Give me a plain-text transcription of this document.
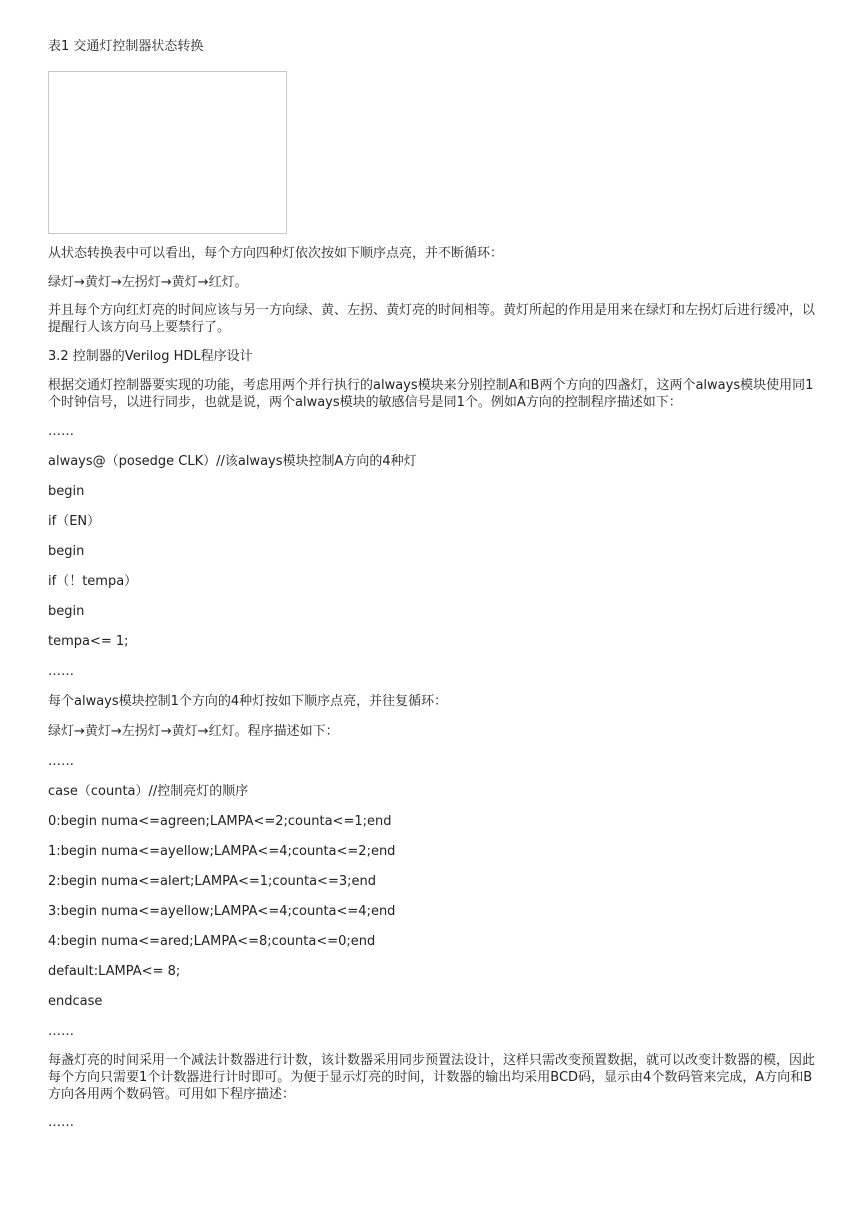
表1 交通灯控制器状态转换

从状态转换表中可以看出，每个方向四种灯依次按如下顺序点亮，并不断循环：

绿灯→黄灯→左拐灯→黄灯→红灯。

并且每个方向红灯亮的时间应该与另一方向绿、黄、左拐、黄灯亮的时间相等。黄灯所起的作用是用来在绿灯和左拐灯后进行缓冲，以提醒行人该方向马上要禁行了。

3.2 控制器的Verilog HDL程序设计

根据交通灯控制器要实现的功能，考虑用两个并行执行的always模块来分别控制A和B两个方向的四盏灯，这两个always模块使用同1个时钟信号，以进行同步，也就是说，两个always模块的敏感信号是同1个。例如A方向的控制程序描述如下：

……

always@（posedge CLK）//该always模块控制A方向的4种灯

begin

if（EN）

begin

if（！tempa）

begin

tempa<= 1;

……

每个always模块控制1个方向的4种灯按如下顺序点亮，并往复循环：

绿灯→黄灯→左拐灯→黄灯→红灯。程序描述如下：

……

case（counta）//控制亮灯的顺序

0:begin numa<=agreen;LAMPA<=2;counta<=1;end

1:begin numa<=ayellow;LAMPA<=4;counta<=2;end

2:begin numa<=alert;LAMPA<=1;counta<=3;end

3:begin numa<=ayellow;LAMPA<=4;counta<=4;end

4:begin numa<=ared;LAMPA<=8;counta<=0;end

default:LAMPA<= 8;

endcase

……

每盏灯亮的时间采用一个减法计数器进行计数，该计数器采用同步预置法设计，这样只需改变预置数据，就可以改变计数器的模，因此每个方向只需要1个计数器进行计时即可。为便于显示灯亮的时间，计数器的输出均采用BCD码，显示由4个数码管来完成，A方向和B方向各用两个数码管。可用如下程序描述：

……
